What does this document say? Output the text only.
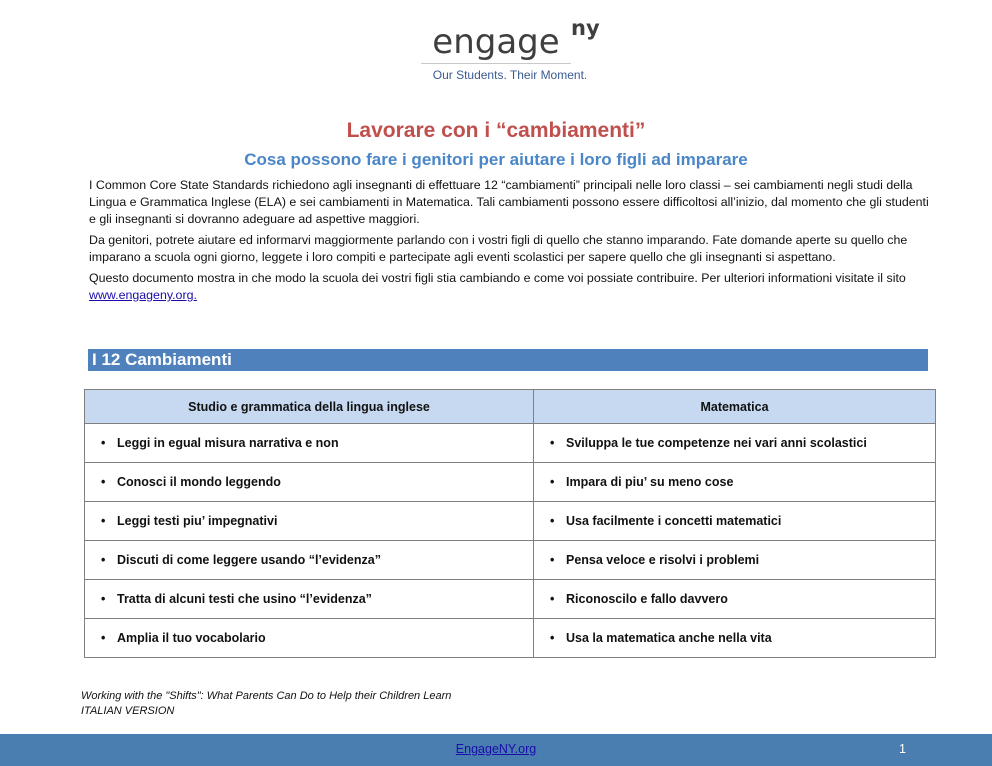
engage ny
Our Students. Their Moment.
Lavorare con i “cambiamenti”
Cosa possono fare i genitori per aiutare i loro figli ad imparare

I Common Core State Standards richiedono agli insegnanti di effettuare 12 “cambiamenti” principali nelle loro classi – sei cambiamenti negli studi della Lingua e Grammatica Inglese (ELA) e sei cambiamenti in Matematica. Tali cambiamenti possono essere difficoltosi all’inizio, dal momento che gli studenti e gli insegnanti si dovranno adeguare ad aspettive maggiori.

Da genitori, potrete aiutare ed informarvi maggiormente parlando con i vostri figli di quello che stanno imparando. Fate domande aperte su quello che imparano a scuola ogni giorno, leggete i loro compiti e partecipate agli eventi scolastici per sapere quello che gli insegnanti si aspettano.

Questo documento mostra in che modo la scuola dei vostri figli stia cambiando e come voi possiate contribuire. Per ulteriori informationi visitate il sito www.engageny.org.

I 12 Cambiamenti
Studio e grammatica della lingua inglese	Matematica
• Leggi in egual misura narrativa e non	• Sviluppa le tue competenze nei vari anni scolastici
• Conosci il mondo leggendo	• Impara di piu’ su meno cose
• Leggi testi piu’ impegnativi	• Usa facilmente i concetti matematici
• Discuti di come leggere usando “l’evidenza”	• Pensa veloce e risolvi i problemi
• Tratta di alcuni testi che usino “l’evidenza”	• Riconoscilo e fallo davvero
• Amplia il tuo vocabolario	• Usa la matematica anche nella vita
Working with the "Shifts": What Parents Can Do to Help their Children Learn
ITALIAN VERSION
EngageNY.org	1
